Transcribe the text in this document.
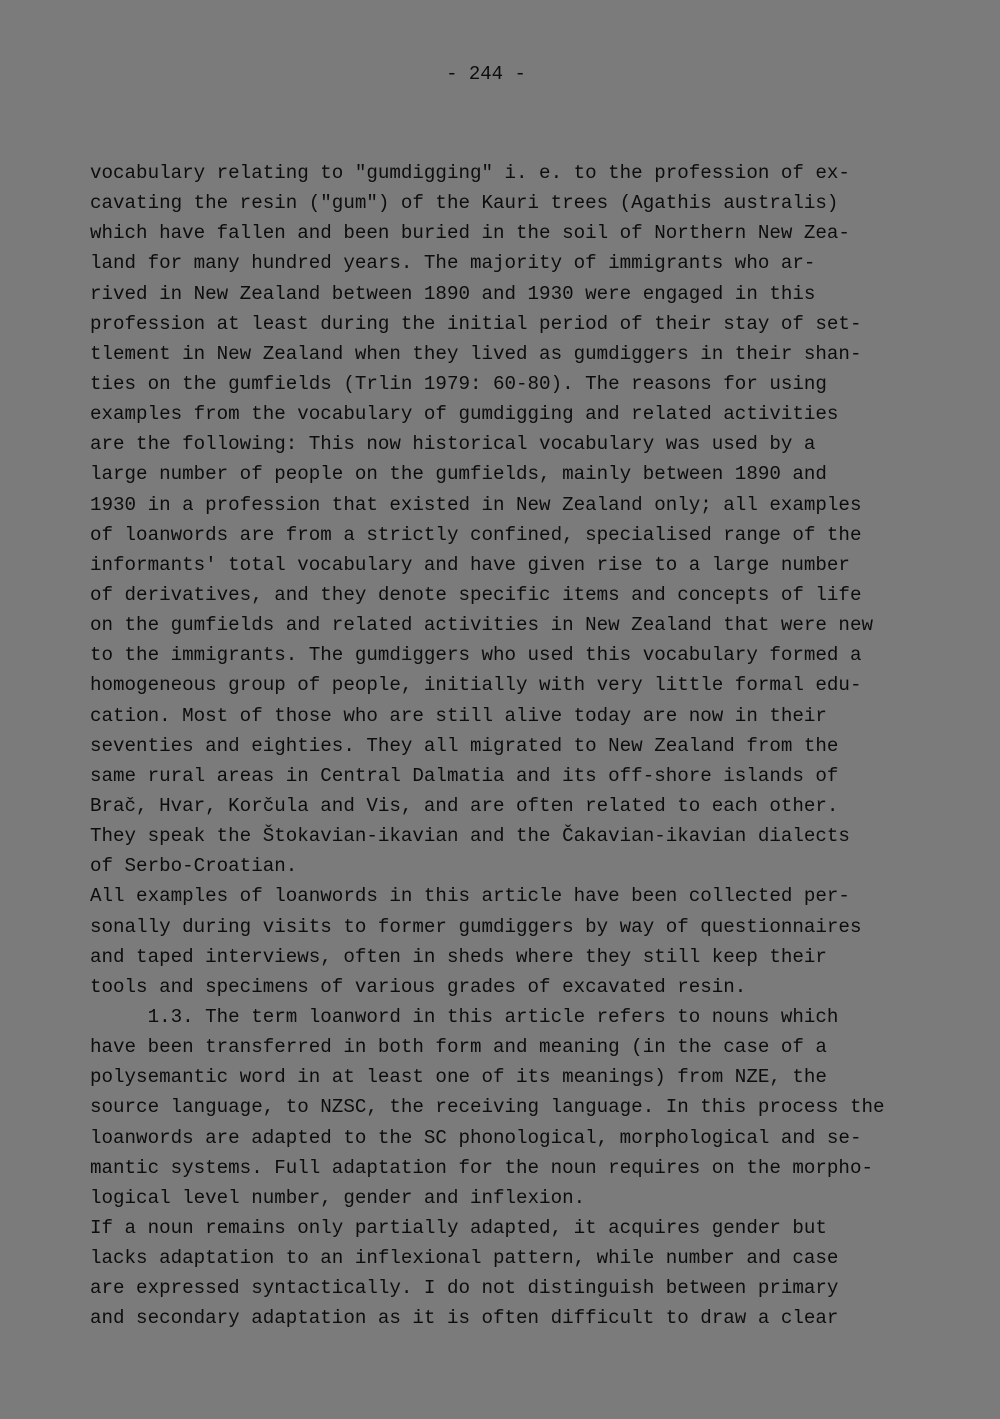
- 244 -
vocabulary relating to "gumdigging" i. e. to the profession of ex-
cavating the resin ("gum") of the Kauri trees (Agathis australis)
which have fallen and been buried in the soil of Northern New Zea-
land for many hundred years. The majority of immigrants who ar-
rived in New Zealand between 1890 and 1930 were engaged in this
profession at least during the initial period of their stay of set-
tlement in New Zealand when they lived as gumdiggers in their shan-
ties on the gumfields (Trlin 1979: 60-80). The reasons for using
examples from the vocabulary of gumdigging and related activities
are the following: This now historical vocabulary was used by a
large number of people on the gumfields, mainly between 1890 and
1930 in a profession that existed in New Zealand only; all examples
of loanwords are from a strictly confined, specialised range of the
informants' total vocabulary and have given rise to a large number
of derivatives, and they denote specific items and concepts of life
on the gumfields and related activities in New Zealand that were new
to the immigrants. The gumdiggers who used this vocabulary formed a
homogeneous group of people, initially with very little formal edu-
cation. Most of those who are still alive today are now in their
seventies and eighties. They all migrated to New Zealand from the
same rural areas in Central Dalmatia and its off-shore islands of
Brač, Hvar, Korčula and Vis, and are often related to each other.
They speak the Štokavian-ikavian and the Čakavian-ikavian dialects
of Serbo-Croatian.
All examples of loanwords in this article have been collected per-
sonally during visits to former gumdiggers by way of questionnaires
and taped interviews, often in sheds where they still keep their
tools and specimens of various grades of excavated resin.
1.3. The term loanword in this article refers to nouns which
have been transferred in both form and meaning (in the case of a
polysemantic word in at least one of its meanings) from NZE, the
source language, to NZSC, the receiving language. In this process the
loanwords are adapted to the SC phonological, morphological and se-
mantic systems. Full adaptation for the noun requires on the morpho-
logical level number, gender and inflexion.
If a noun remains only partially adapted, it acquires gender but
lacks adaptation to an inflexional pattern, while number and case
are expressed syntactically. I do not distinguish between primary
and secondary adaptation as it is often difficult to draw a clear
